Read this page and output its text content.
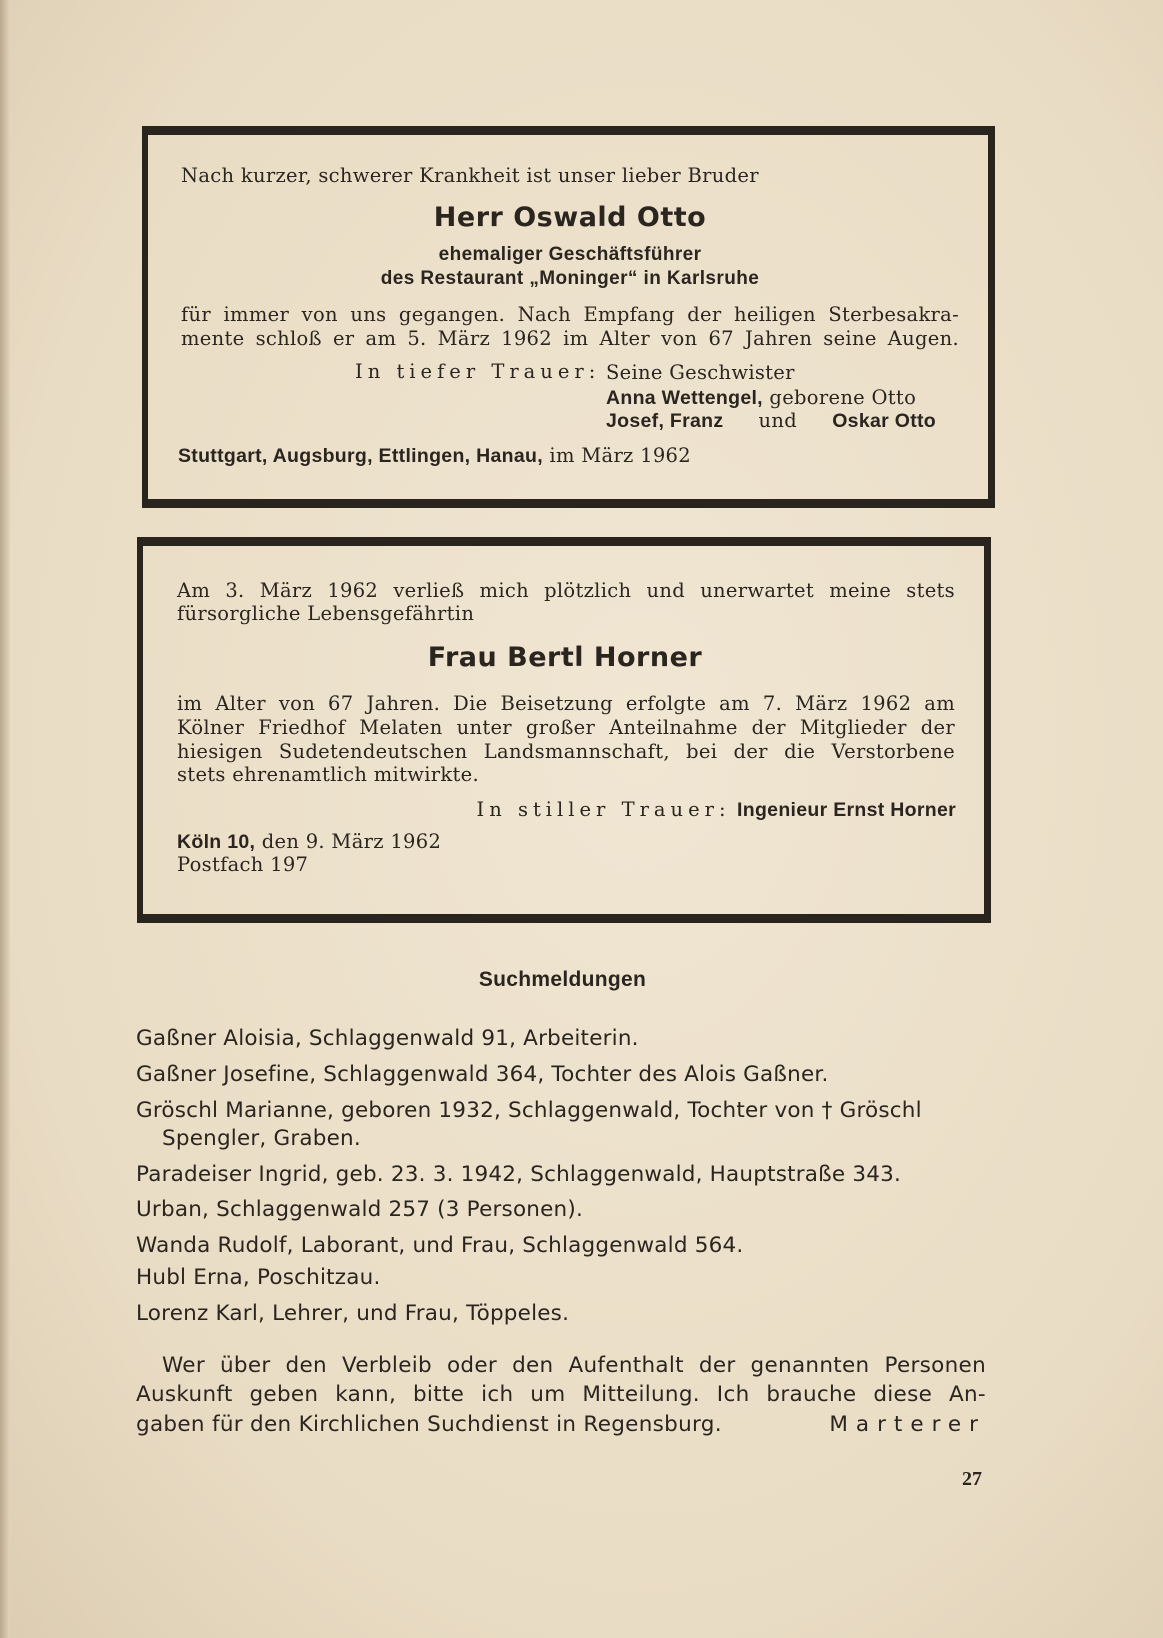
Nach kurzer, schwerer Krankheit ist unser lieber Bruder

Herr Oswald Otto

ehemaliger Geschäftsführer

des Restaurant „Moninger“ in Karlsruhe

für immer von uns gegangen. Nach Empfang der heiligen Sterbesakra-

mente schloß er am 5. März 1962 im Alter von 67 Jahren seine Augen.

In tiefer Trauer: Seine Geschwister

Anna Wettengel, geborene Otto

Josef, Franz und Oskar Otto

Stuttgart, Augsburg, Ettlingen, Hanau, im März 1962

Am 3. März 1962 verließ mich plötzlich und unerwartet meine stets

fürsorgliche Lebensgefährtin

Frau Bertl Horner

im Alter von 67 Jahren. Die Beisetzung erfolgte am 7. März 1962 am

Kölner Friedhof Melaten unter großer Anteilnahme der Mitglieder der

hiesigen Sudetendeutschen Landsmannschaft, bei der die Verstorbene

stets ehrenamtlich mitwirkte.

In stiller Trauer: Ingenieur Ernst Horner

Köln 10, den 9. März 1962

Postfach 197

Suchmeldungen

Gaßner Aloisia, Schlaggenwald 91, Arbeiterin.

Gaßner Josefine, Schlaggenwald 364, Tochter des Alois Gaßner.

Gröschl Marianne, geboren 1932, Schlaggenwald, Tochter von † Gröschl

Spengler, Graben.

Paradeiser Ingrid, geb. 23. 3. 1942, Schlaggenwald, Hauptstraße 343.

Urban, Schlaggenwald 257 (3 Personen).

Wanda Rudolf, Laborant, und Frau, Schlaggenwald 564.

Hubl Erna, Poschitzau.

Lorenz Karl, Lehrer, und Frau, Töppeles.

Wer über den Verbleib oder den Aufenthalt der genannten Personen

Auskunft geben kann, bitte ich um Mitteilung. Ich brauche diese An-

gaben für den Kirchlichen Suchdienst in Regensburg.	Marterer

27
